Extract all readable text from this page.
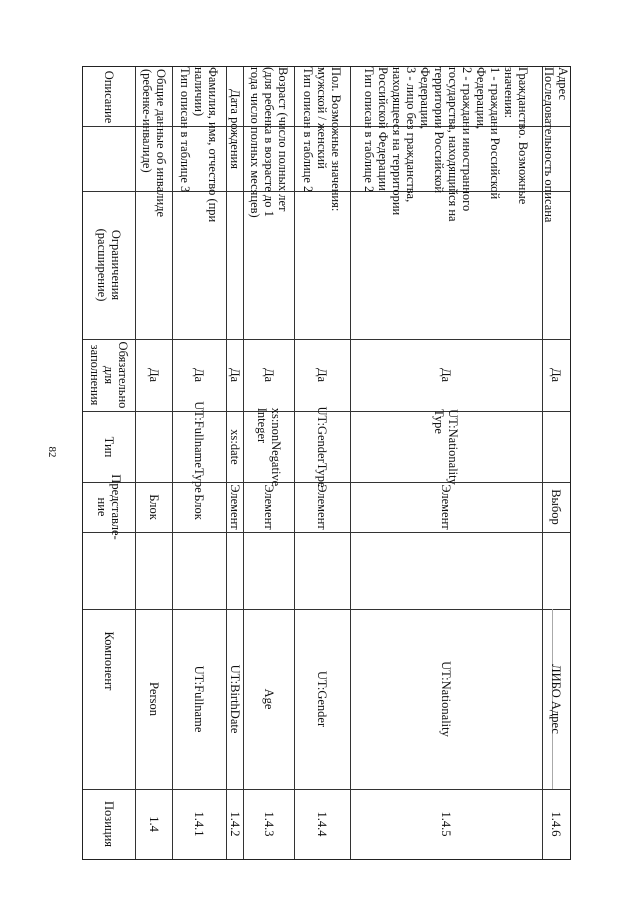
82
Описание
Ограничения
(расширение)
Обязательно
для
заполнения
Тип
Представле-
ние
Компонент
Позиция
Общие данные об инвалиде
(ребенке-инвалиде)
Да
Блок
Person
1.4
Фамилия, имя, отчество (при
наличии)
Тип описан в таблице 3
Да
UT:FullnameType
Блок
UT:Fullname
1.4.1
Дата рождения
Да
xs:date
Элемент
UT:BirthDate
1.4.2
Возраст (число полных лет
(для ребенка в возрасте до 1
года число полных месяцев)
Да
xs:nonNegative
Integer
Элемент
Age
1.4.3
Пол. Возможные значения:
мужской / женский
Тип описан в таблице 2
Да
UT:GenderType
Элемент
UT:Gender
1.4.4
Гражданство. Возможные
значения:
1 - граждани Российской
Федерации,
2 - граждани иностранного
государства, находящийся на
территории Российской
Федерации,
3 - лицо без гражданства,
находящееся на территории
Российской Федерации
Тип описан в таблице 2
Да
UT:Nationality
Type
Элемент
UT:Nationality
1.4.5
Адрес
Последовательность описана
Да
Выбор
ЛИБО Адрес
1.4.6
